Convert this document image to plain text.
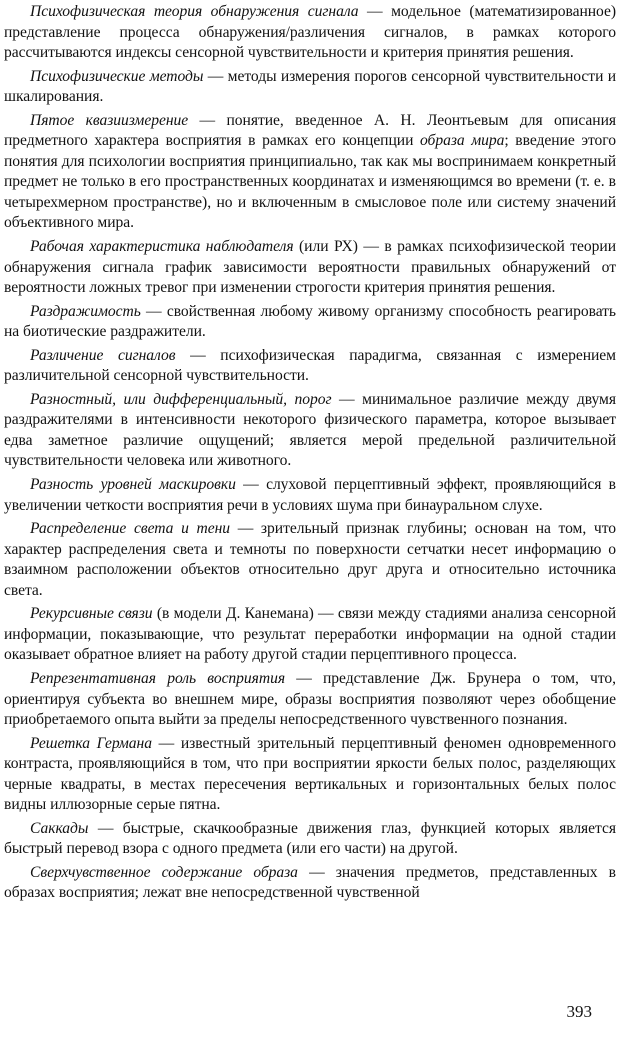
Психофизическая теория обнаружения сигнала — модельное (математизированное) представление процесса обнаружения/различения сигналов, в рамках которого рассчитываются индексы сенсорной чувствительности и критерия принятия решения.

Психофизические методы — методы измерения порогов сенсорной чувствительности и шкалирования.

Пятое квазиизмерение — понятие, введенное А. Н. Леонтьевым для описания предметного характера восприятия в рамках его концепции образа мира; введение этого понятия для психологии восприятия принципиально, так как мы воспринимаем конкретный предмет не только в его пространственных координатах и изменяющимся во времени (т. е. в четырехмерном пространстве), но и включенным в смысловое поле или систему значений объективного мира.

Рабочая характеристика наблюдателя (или РХ) — в рамках психофизической теории обнаружения сигнала график зависимости вероятности правильных обнаружений от вероятности ложных тревог при изменении строгости критерия принятия решения.

Раздражимость — свойственная любому живому организму способность реагировать на биотические раздражители.

Различение сигналов — психофизическая парадигма, связанная с измерением различительной сенсорной чувствительности.

Разностный, или дифференциальный, порог — минимальное различие между двумя раздражителями в интенсивности некоторого физического параметра, которое вызывает едва заметное различие ощущений; является мерой предельной различительной чувствительности человека или животного.

Разность уровней маскировки — слуховой перцептивный эффект, проявляющийся в увеличении четкости восприятия речи в условиях шума при бинауральном слухе.

Распределение света и тени — зрительный признак глубины; основан на том, что характер распределения света и темноты по поверхности сетчатки несет информацию о взаимном расположении объектов относительно друг друга и относительно источника света.

Рекурсивные связи (в модели Д. Канемана) — связи между стадиями анализа сенсорной информации, показывающие, что результат переработки информации на одной стадии оказывает обратное влияет на работу другой стадии перцептивного процесса.

Репрезентативная роль восприятия — представление Дж. Брунера о том, что, ориентируя субъекта во внешнем мире, образы восприятия позволяют через обобщение приобретаемого опыта выйти за пределы непосредственного чувственного познания.

Решетка Германа — известный зрительный перцептивный феномен одновременного контраста, проявляющийся в том, что при восприятии яркости белых полос, разделяющих черные квадраты, в местах пересечения вертикальных и горизонтальных белых полос видны иллюзорные серые пятна.

Саккады — быстрые, скачкообразные движения глаз, функцией которых является быстрый перевод взора с одного предмета (или его части) на другой.

Сверхчувственное содержание образа — значения предметов, представленных в образах восприятия; лежат вне непосредственной чувственной

393
